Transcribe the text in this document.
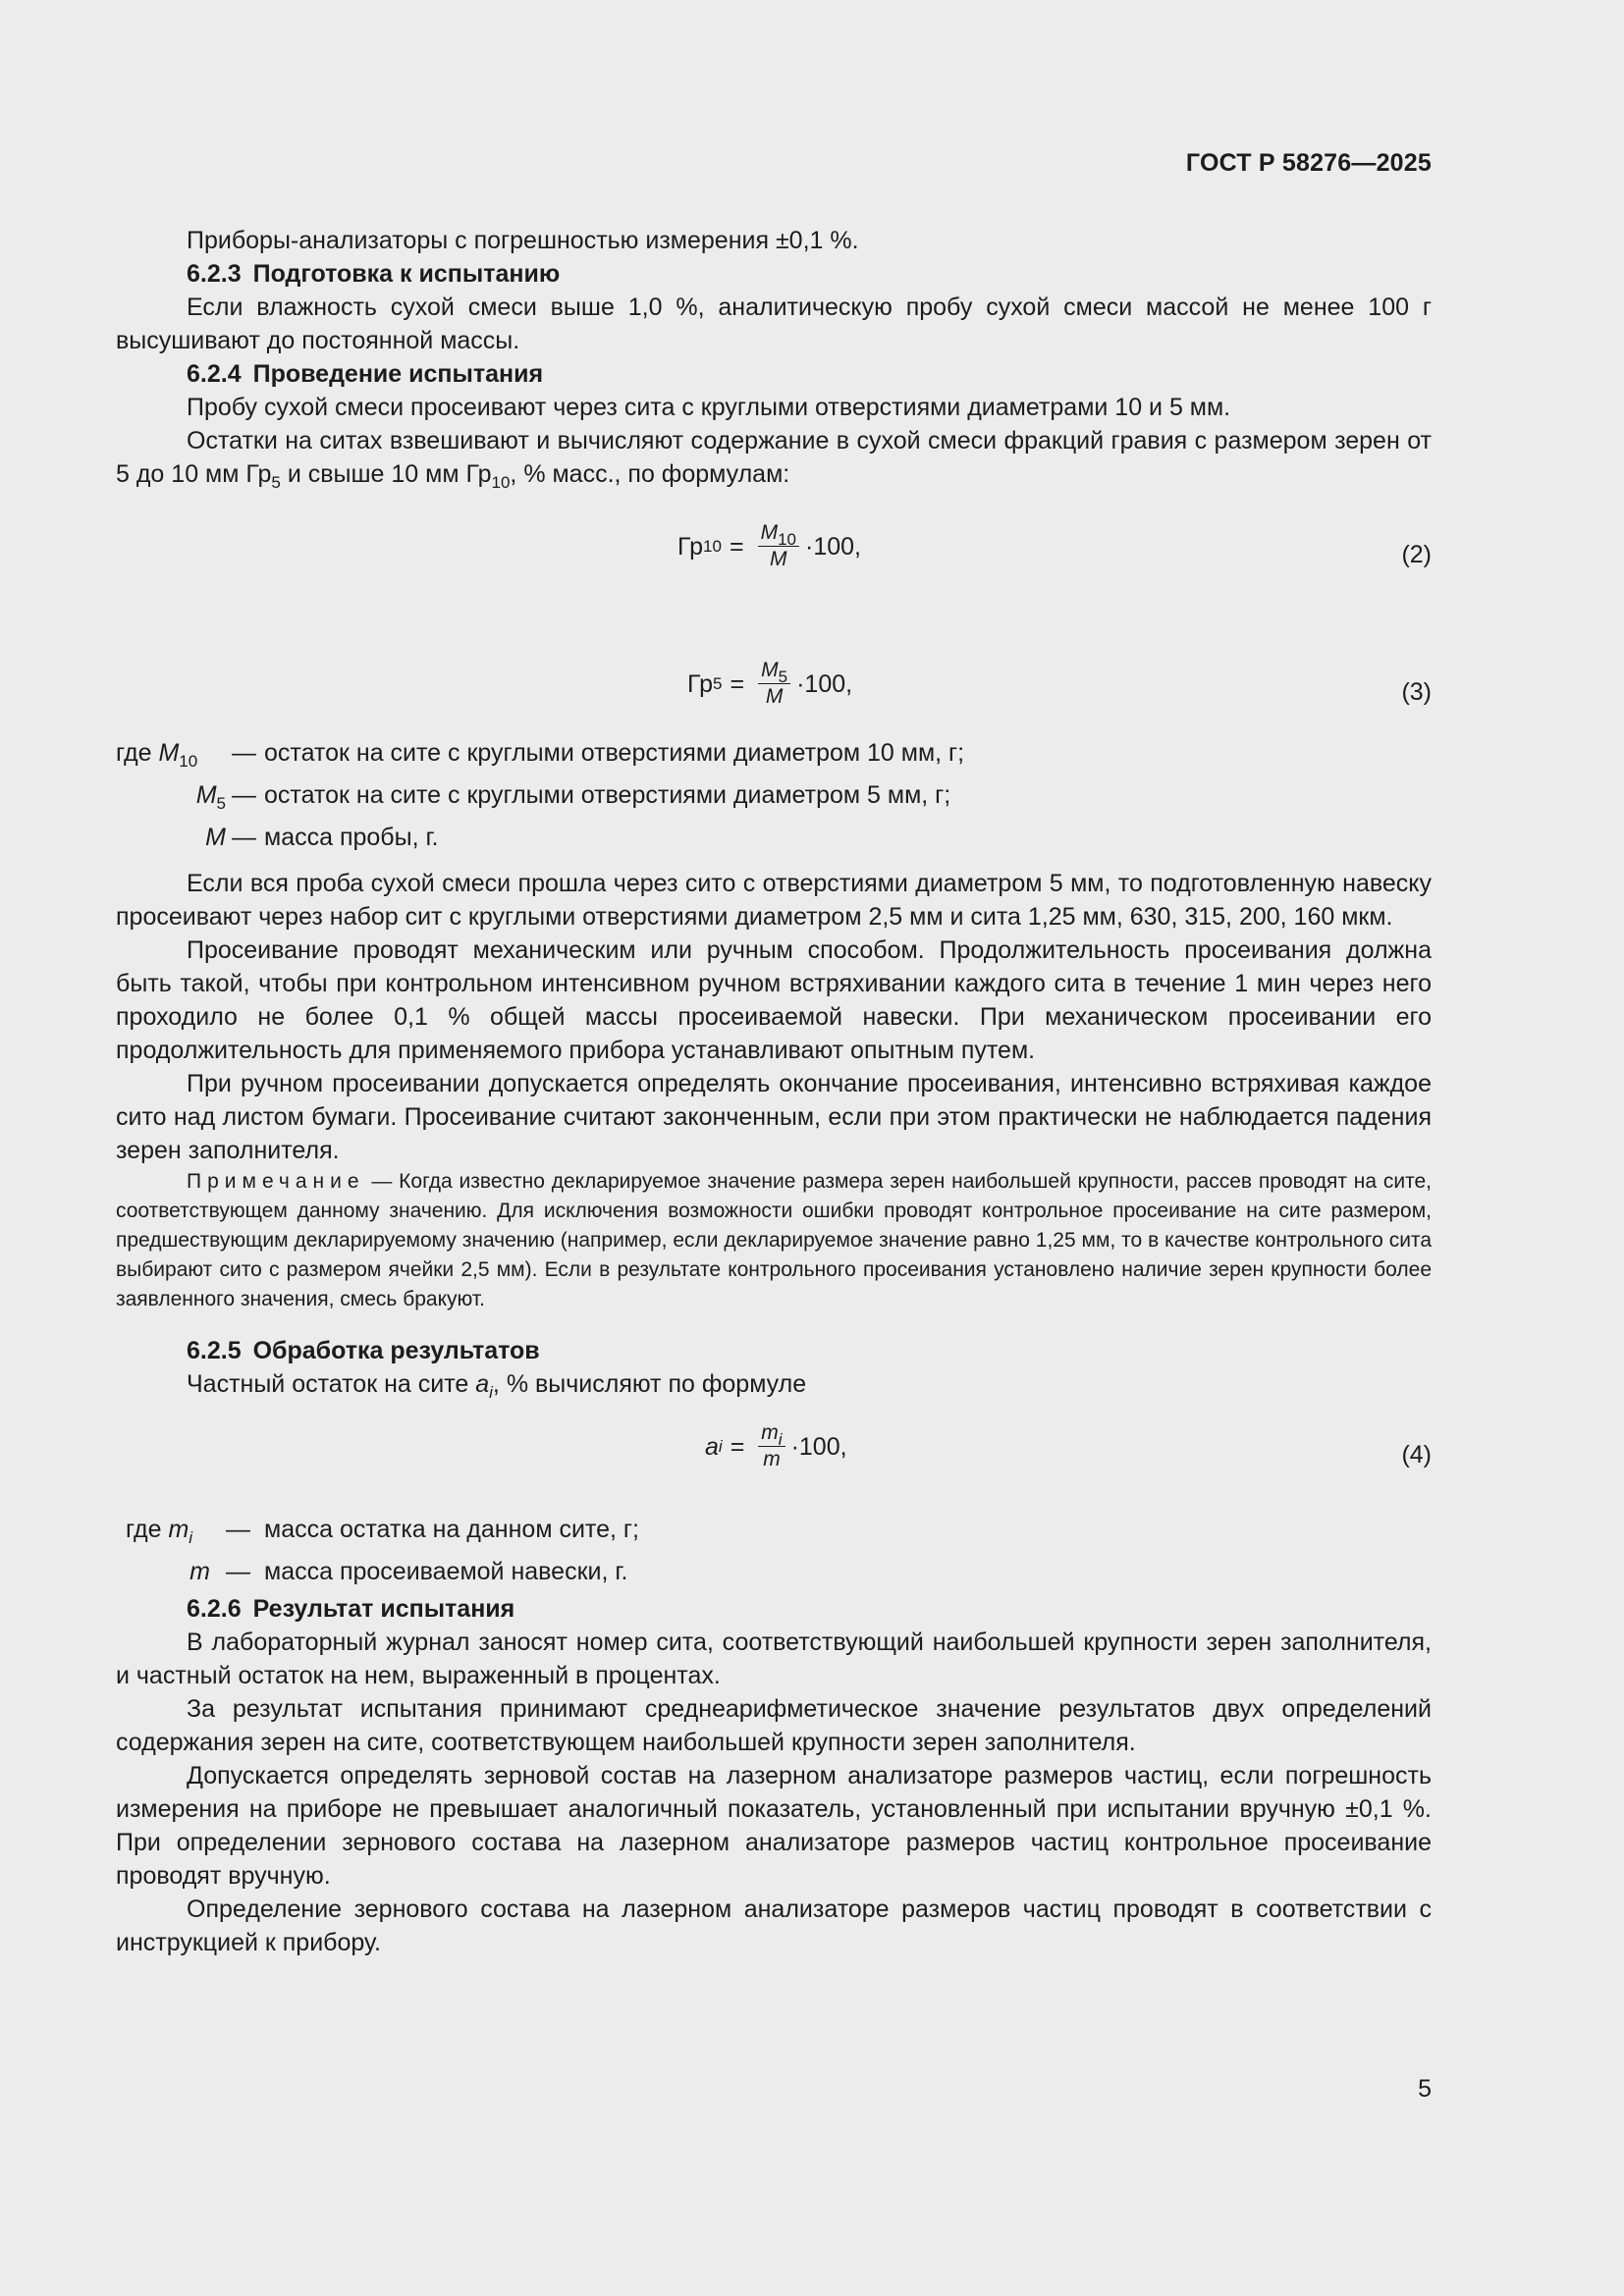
ГОСТ Р 58276—2025

Приборы-анализаторы с погрешностью измерения ±0,1 %.

6.2.3 Подготовка к испытанию

Если влажность сухой смеси выше 1,0 %, аналитическую пробу сухой смеси массой не менее 100 г высушивают до постоянной массы.

6.2.4 Проведение испытания

Пробу сухой смеси просеивают через сита с круглыми отверстиями диаметрами 10 и 5 мм.

Остатки на ситах взвешивают и вычисляют содержание в сухой смеси фракций гравия с размером зерен от 5 до 10 мм $Гр_5$ и свыше 10 мм $Гр_{10}$, % масс., по формулам:

Гр $10 = \frac{M_{10}}{M} \cdot 100$,	(2)
Гр $5 = \frac{M_5}{M} \cdot 100$,	(3)
где $M_{10}$	— остаток на сите с круглыми отверстиями диаметром 10 мм, г;
$M_5$ — остаток на сите с круглыми отверстиями диаметром 5 мм, г;
M — масса пробы, г.

Если вся проба сухой смеси прошла через сито с отверстиями диаметром 5 мм, то подготовленную навеску просеивают через набор сит с круглыми отверстиями диаметром 2,5 мм и сита 1,25 мм, 630, 315, 200, 160 мкм.

Просеивание проводят механическим или ручным способом. Продолжительность просеивания должна быть такой, чтобы при контрольном интенсивном ручном встряхивании каждого сита в течение 1 мин через него проходило не более 0,1 % общей массы просеиваемой навески. При механическом просеивании его продолжительность для применяемого прибора устанавливают опытным путем.

При ручном просеивании допускается определять окончание просеивания, интенсивно встряхивая каждое сито над листом бумаги. Просеивание считают законченным, если при этом практически не наблюдается падения зерен заполнителя.

Примечание — Когда известно декларируемое значение размера зерен наибольшей крупности, рассев проводят на сите, соответствующем данному значению. Для исключения возможности ошибки проводят контрольное просеивание на сите размером, предшествующим декларируемому значению (например, если декларируемое значение равно 1,25 мм, то в качестве контрольного сита выбирают сито с размером ячейки 2,5 мм). Если в результате контрольного просеивания установлено наличие зерен крупности более заявленного значения, смесь бракуют.

6.2.5 Обработка результатов

Частный остаток на сите $a_i$, % вычисляют по формуле

a $i = \frac{m_i}{m} \cdot 100$,	(4)
где $m_i$	— масса остатка на данном сите, г;
m — масса просеиваемой навески, г.

6.2.6 Результат испытания

В лабораторный журнал заносят номер сита, соответствующий наибольшей крупности зерен заполнителя, и частный остаток на нем, выраженный в процентах.

За результат испытания принимают среднеарифметическое значение результатов двух определений содержания зерен на сите, соответствующем наибольшей крупности зерен заполнителя.

Допускается определять зерновой состав на лазерном анализаторе размеров частиц, если погрешность измерения на приборе не превышает аналогичный показатель, установленный при испытании вручную ±0,1 %. При определении зернового состава на лазерном анализаторе размеров частиц контрольное просеивание проводят вручную.

Определение зернового состава на лазерном анализаторе размеров частиц проводят в соответствии с инструкцией к прибору.

5
